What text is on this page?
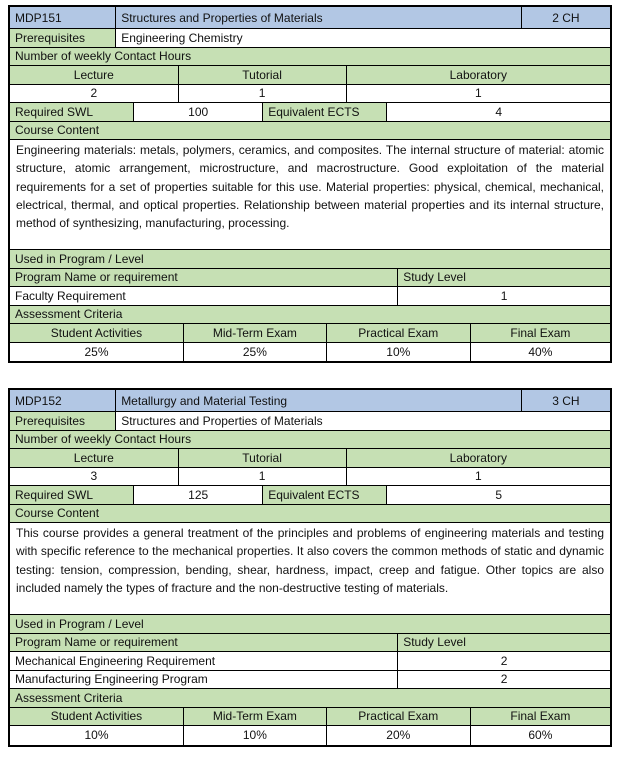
MDP151	Structures and Properties of Materials	2 CH
Prerequisites	Engineering Chemistry
Number of weekly Contact Hours
Lecture	Tutorial	Laboratory
2	1	1
Required SWL	100	Equivalent ECTS	4
Course Content
Engineering materials: metals, polymers, ceramics, and composites. The internal structure of material: atomic structure, atomic arrangement, microstructure, and macrostructure. Good exploitation of the material requirements for a set of properties suitable for this use. Material properties: physical, chemical, mechanical, electrical, thermal, and optical properties. Relationship between material properties and its internal structure, method of synthesizing, manufacturing, processing.
Used in Program / Level
Program Name or requirement	Study Level
Faculty Requirement	1
Assessment Criteria
Student Activities	Mid-Term Exam	Practical Exam	Final Exam
25%	25%	10%	40%
MDP152	Metallurgy and Material Testing	3 CH
Prerequisites	Structures and Properties of Materials
Number of weekly Contact Hours
Lecture	Tutorial	Laboratory
3	1	1
Required SWL	125	Equivalent ECTS	5
Course Content
This course provides a general treatment of the principles and problems of engineering materials and testing with specific reference to the mechanical properties. It also covers the common methods of static and dynamic testing: tension, compression, bending, shear, hardness, impact, creep and fatigue. Other topics are also included namely the types of fracture and the non-destructive testing of materials.
Used in Program / Level
Program Name or requirement	Study Level
Mechanical Engineering Requirement	2
Manufacturing Engineering Program	2
Assessment Criteria
Student Activities	Mid-Term Exam	Practical Exam	Final Exam
10%	10%	20%	60%
